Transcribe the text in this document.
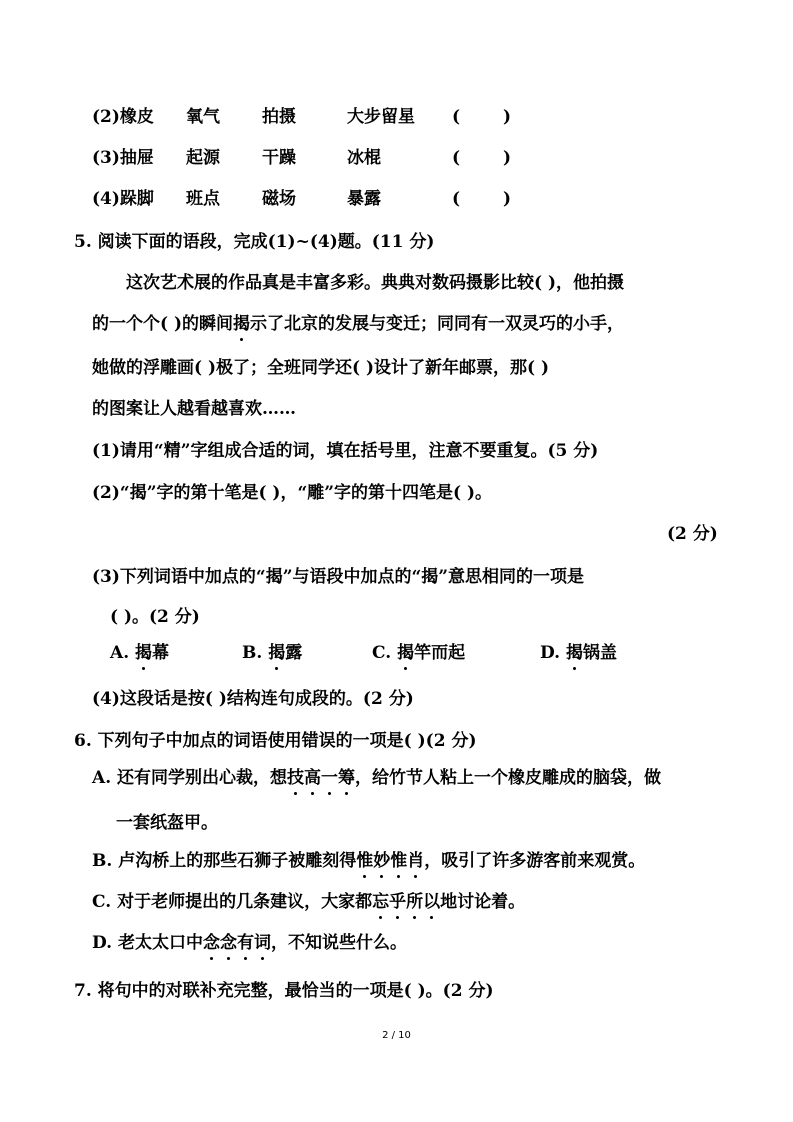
(2)橡皮 氧气 拍摄	大步留星 (	)
(3)抽屉 起源 干躁	冰棍	(	)
(4)跺脚 班点 磁场	暴露	(	)
5. 阅读下面的语段，完成(1)~(4)题。(11 分)
这次艺术展的作品真是丰富多彩。典典对数码摄影比较( )，他拍摄
的一个个( )的瞬间揭示了北京的发展与变迁；同同有一双灵巧的小手，
她做的浮雕画( )极了；全班同学还( )设计了新年邮票，那( )
的图案让人越看越喜欢……
(1)请用“精”字组成合适的词，填在括号里，注意不要重复。(5 分)
(2)“揭”字的第十笔是( )，“雕”字的第十四笔是( )。
(2 分)
(3)下列词语中加点的“揭”与语段中加点的“揭”意思相同的一项是
( )。(2 分)
A. 揭幕	B. 揭露	C. 揭竿而起	D. 揭锅盖
(4)这段话是按( )结构连句成段的。(2 分)
6. 下列句子中加点的词语使用错误的一项是( )(2 分)
A. 还有同学别出心裁，想技高一筹，给竹节人粘上一个橡皮雕成的脑袋，做
一套纸盔甲。
B. 卢沟桥上的那些石狮子被雕刻得惟妙惟肖，吸引了许多游客前来观赏。
C. 对于老师提出的几条建议，大家都忘乎所以地讨论着。
D. 老太太口中念念有词，不知说些什么。
7. 将句中的对联补充完整，最恰当的一项是( )。(2 分)
2 / 10
